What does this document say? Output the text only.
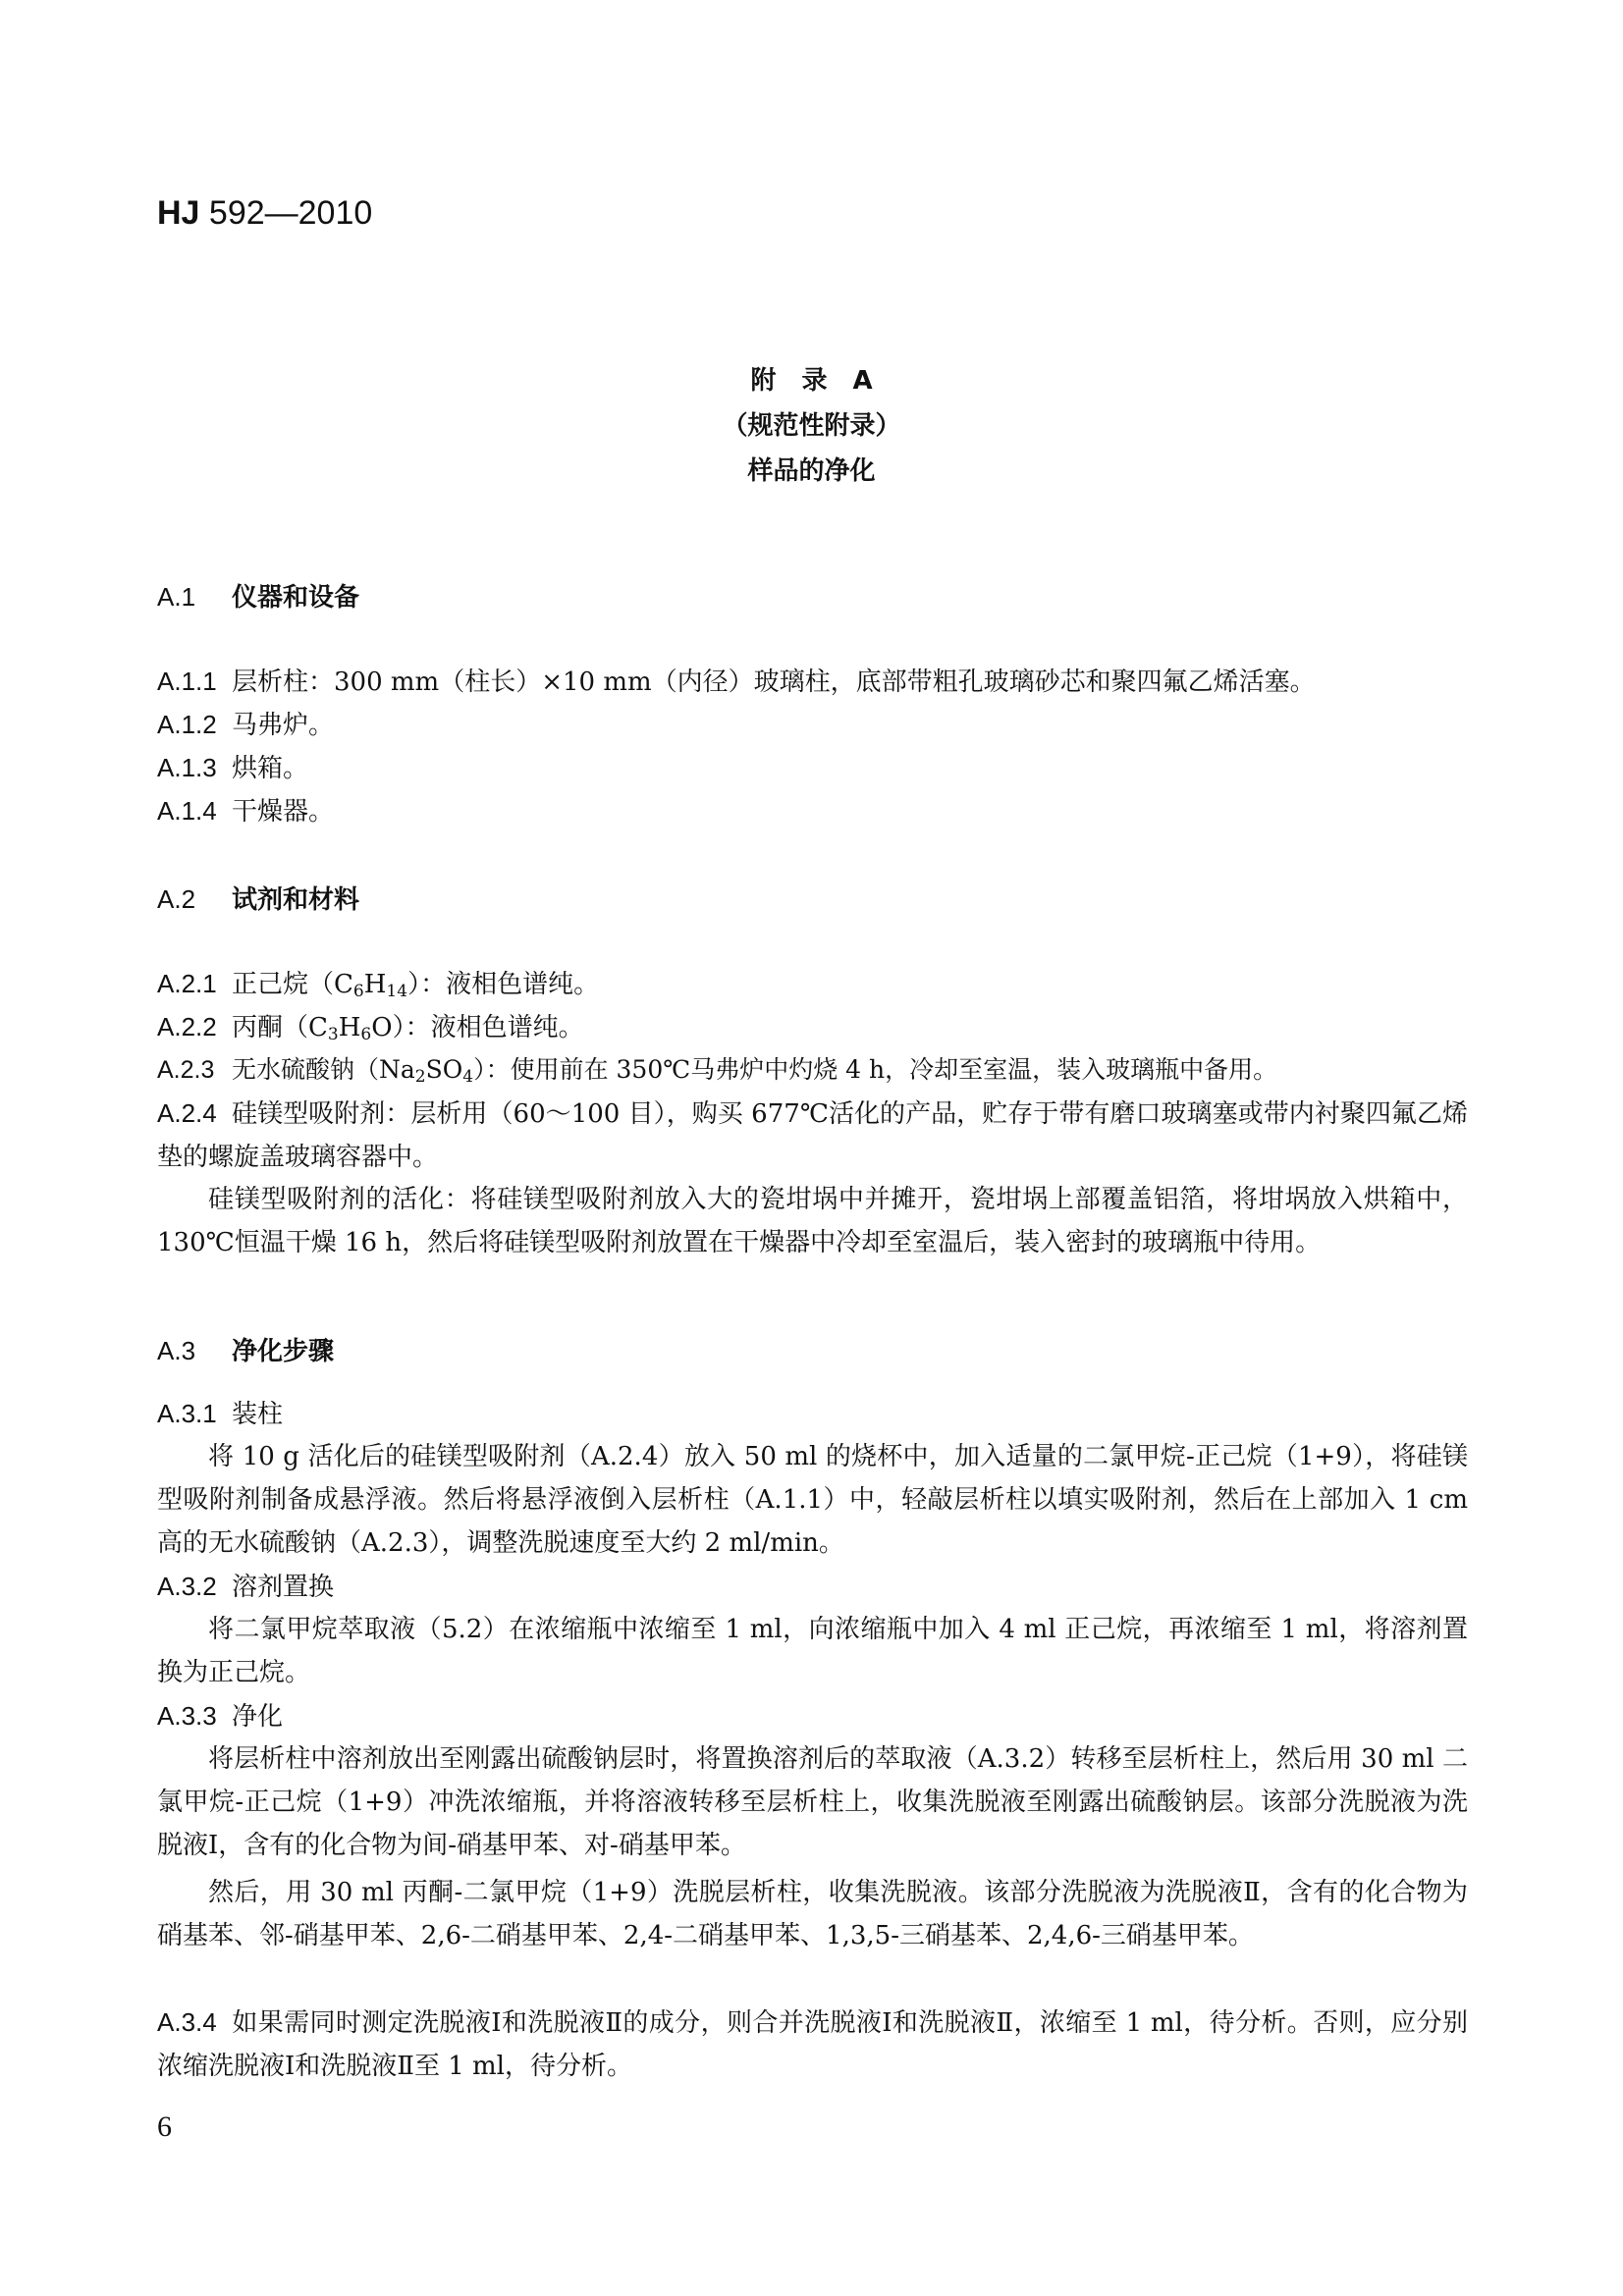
HJ 592—2010
附　录　A
（规范性附录）
样品的净化
A.1 仪器和设备
A.1.1 层析柱：300 mm（柱长）×10 mm（内径）玻璃柱，底部带粗孔玻璃砂芯和聚四氟乙烯活塞。
A.1.2 马弗炉。
A.1.3 烘箱。
A.1.4 干燥器。
A.2 试剂和材料
A.2.1 正己烷$(C_6H_{14})$：液相色谱纯。
A.2.2 丙酮$(C_3H_6O)$：液相色谱纯。
A.2.3 无水硫酸钠$(Na_2SO_4)$：使用前在 350℃马弗炉中灼烧 4 h，冷却至室温，装入玻璃瓶中备用。
A.2.4 硅镁型吸附剂：层析用（60～100 目），购买 677℃活化的产品，贮存于带有磨口玻璃塞或带内衬聚四氟乙烯垫的螺旋盖玻璃容器中。
硅镁型吸附剂的活化：将硅镁型吸附剂放入大的瓷坩埚中并摊开，瓷坩埚上部覆盖铝箔，将坩埚放入烘箱中，130℃恒温干燥 16 h，然后将硅镁型吸附剂放置在干燥器中冷却至室温后，装入密封的玻璃瓶中待用。
A.3 净化步骤
A.3.1 装柱
将 10 g 活化后的硅镁型吸附剂（A.2.4）放入 50 ml 的烧杯中，加入适量的二氯甲烷-正己烷（1+9），将硅镁型吸附剂制备成悬浮液。然后将悬浮液倒入层析柱（A.1.1）中，轻敲层析柱以填实吸附剂，然后在上部加入 1 cm 高的无水硫酸钠（A.2.3），调整洗脱速度至大约 2 ml/min。
A.3.2 溶剂置换
将二氯甲烷萃取液（5.2）在浓缩瓶中浓缩至 1 ml，向浓缩瓶中加入 4 ml 正己烷，再浓缩至 1 ml，将溶剂置换为正己烷。
A.3.3 净化
将层析柱中溶剂放出至刚露出硫酸钠层时，将置换溶剂后的萃取液（A.3.2）转移至层析柱上，然后用 30 ml 二氯甲烷-正己烷（1+9）冲洗浓缩瓶，并将溶液转移至层析柱上，收集洗脱液至刚露出硫酸钠层。该部分洗脱液为洗脱液Ⅰ，含有的化合物为间-硝基甲苯、对-硝基甲苯。
然后，用 30 ml 丙酮-二氯甲烷（1+9）洗脱层析柱，收集洗脱液。该部分洗脱液为洗脱液Ⅱ，含有的化合物为硝基苯、邻-硝基甲苯、2,6-二硝基甲苯、2,4-二硝基甲苯、1,3,5-三硝基苯、2,4,6-三硝基甲苯。
A.3.4 如果需同时测定洗脱液Ⅰ和洗脱液Ⅱ的成分，则合并洗脱液Ⅰ和洗脱液Ⅱ，浓缩至 1 ml，待分析。否则，应分别浓缩洗脱液Ⅰ和洗脱液Ⅱ至 1 ml，待分析。
6
